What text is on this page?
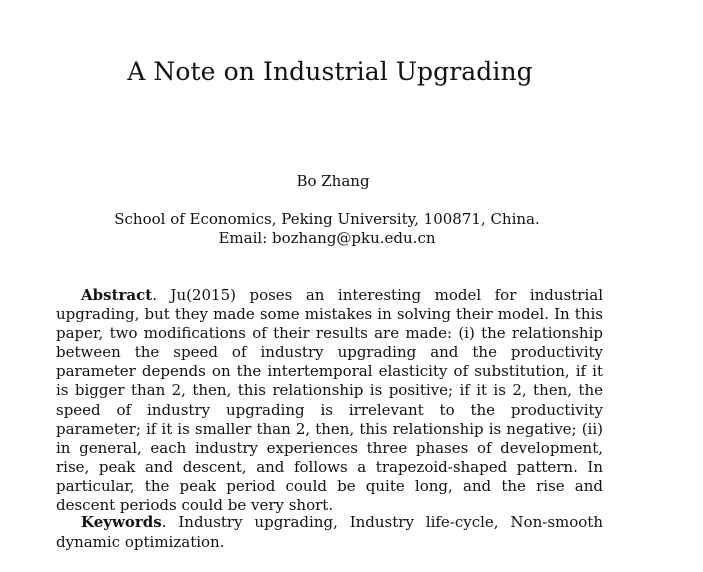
A Note on Industrial Upgrading
Bo Zhang
School of Economics, Peking University, 100871, China.
Email: bozhang@pku.edu.cn

Abstract. Ju(2015) poses an interesting model for industrial upgrading, but they made some mistakes in solving their model. In this paper, two modifications of their results are made: (i) the relationship between the speed of industry upgrading and the productivity parameter depends on the intertemporal elasticity of substitution, if it is bigger than 2, then, this relationship is positive; if it is 2, then, the speed of industry upgrading is irrelevant to the productivity parameter; if it is smaller than 2, then, this relationship is negative; (ii) in general, each industry experiences three phases of development, rise, peak and descent, and follows a trapezoid-shaped pattern. In particular, the peak period could be quite long, and the rise and descent periods could be very short.

Keywords. Industry upgrading, Industry life-cycle, Non-smooth dynamic optimization.
